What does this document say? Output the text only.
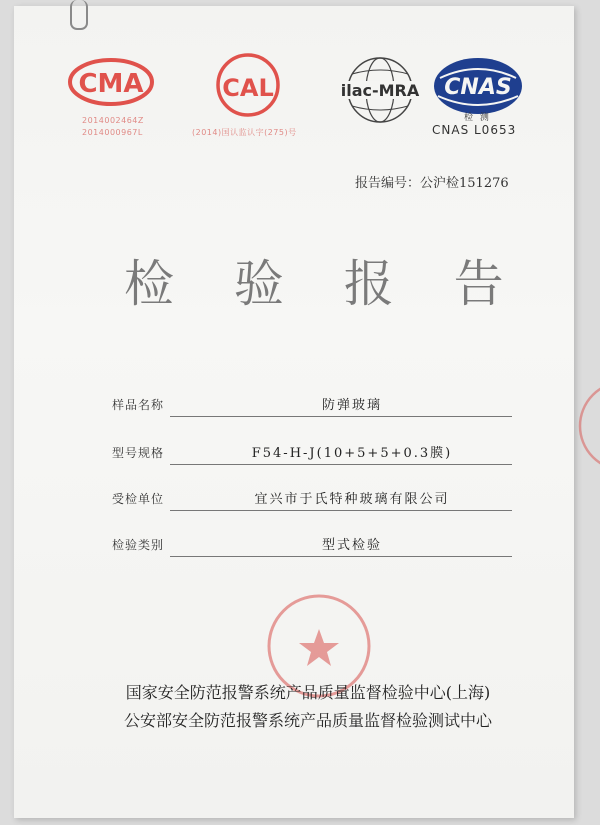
CMA
2014002464Z
2014000967L
CAL
(2014)国认监认字(275)号
ilac-MRA CNAS
检 测
CNAS L0653
报告编号：公沪检151276
检 验 报 告
样品名称	防弹玻璃
型号规格	F54-H-J(10+5+5+0.3膜)
受检单位	宜兴市于氏特种玻璃有限公司
检验类别	型式检验
国家安全防范报警系统产品质量监督检验中心(上海)
公安部安全防范报警系统产品质量监督检验测试中心
